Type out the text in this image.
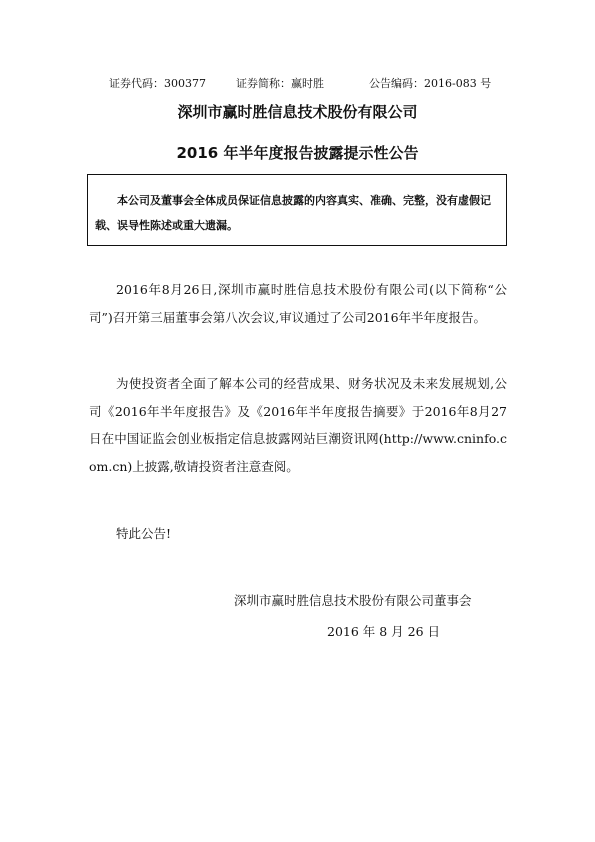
证券代码：300377	证券简称：赢时胜	公告编码：2016-083 号
深圳市赢时胜信息技术股份有限公司
2016 年半年度报告披露提示性公告
本公司及董事会全体成员保证信息披露的内容真实、准确、完整，没有虚假记载、误导性陈述或重大遗漏。
2016年8月26日,深圳市赢时胜信息技术股份有限公司(以下简称“公司”)召开第三届董事会第八次会议,审议通过了公司2016年半年度报告。
为使投资者全面了解本公司的经营成果、财务状况及未来发展规划,公司《2016年半年度报告》及《2016年半年度报告摘要》于2016年8月27日在中国证监会创业板指定信息披露网站巨潮资讯网(http://www.cninfo.com.cn)上披露,敬请投资者注意查阅。
特此公告!
深圳市赢时胜信息技术股份有限公司董事会
2016 年 8 月 26 日
